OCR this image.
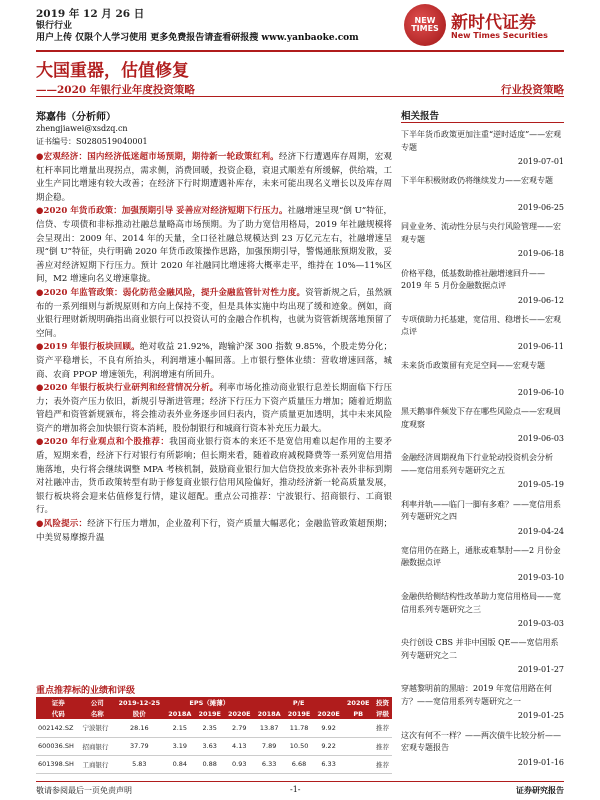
2019 年 12 月 26 日
银行行业
用户上传 仅限个人学习使用 更多免费报告请查看研报搜 www.yanbaoke.com
NEW TIMES 新时代证券
New Times Securities
大国重器，估值修复
——2020 年银行业年度投资策略	行业投资策略
郑嘉伟（分析师）
zhengjiawei@xsdzq.cn
证书编号：S0280519040001

●宏观经济：国内经济低迷超市场预期，期待新一轮政策红利。经济下行遭遇库存周期，宏观杠杆率同比增量出现拐点，需求侧，消费回暖，投资企稳，衰退式顺差有所缓解，供给端，工业生产同比增速有较大改善；在经济下行时期遭遇补库存，未来可能出现名义增长以及库存周期企稳。

●2020 年货币政策：加强预期引导 妥善应对经济短期下行压力。社融增速呈现“倒 U”特征，信贷、专项债和非标推动社融总量略高市场预期。为了助力宽信用格局，2019 年社融规模将会呈现出：2009 年、2014 年的天量，全口径社融总规模达到 23 万亿元左右，社融增速呈现“倒 U”特征，央行明确 2020 年货币政策操作思路，加强预期引导，警惕通胀预期发散，妥善应对经济短期下行压力。预计 2020 年社融同比增速将大概率走平，维持在 10%—11%区间，M2 增速向名义增速靠拢。

●2020 年监管政策：弱化防范金融风险，提升金融监管针对性力度。资管新规之后，虽然颁布的一系列细则与新规原则和方向上保持不变，但是具体实施中均出现了缓和迹象。例如，商业银行理财新规明确指出商业银行可以投资认可的金融合作机构，也就为资管新规落地预留了空间。

●2019 年银行板块回顾。绝对收益 21.92%，跑输沪深 300 指数 9.85%，个股走势分化；资产平稳增长，不良有所抬头，利润增速小幅回落。上市银行整体业绩：营收增速回落，城商、农商 PPOP 增速领先，利润增速有所回升。

●2020 年银行板块行业研判和经营情况分析。利率市场化推动商业银行息差长期面临下行压力；表外资产压力依旧，新规引导渐进管理；经济下行压力下资产质量压力增加；随着近期监管趋严和资管新规颁布，将会推动表外业务逐步回归表内，资产质量更加透明，其中未来风险资产的增加将会加快银行资本消耗，股份制银行和城商行资本补充压力最大。

●2020 年行业观点和个股推荐：我国商业银行资本的来还不是宽信用难以起作用的主要矛盾，短期来看，经济下行对银行有所影响；但长期来看，随着政府减税降费等一系列宽信用措施落地，央行将会继续调整 MPA 考核机制，鼓励商业银行加大信贷投放来弥补表外非标到期对社融冲击，货币政策转型有助于修复商业银行信用风险偏好，推动经济新一轮高质量发展，银行板块将会迎来估值修复行情，建议超配。重点公司推荐：宁波银行、招商银行、工商银行。

●风险提示：经济下行压力增加，企业盈利下行，资产质量大幅恶化；金融监管政策超预期；中美贸易摩擦升温

重点推荐标的业绩和评级
证券	公司	2019-12-25	EPS（摊薄）			P/E			2020E	投资
代码	名称	股价	2018A	2019E	2020E	2018A	2019E	2020E	PB	评级
002142.SZ	宁波银行	28.16	2.15	2.35	2.79	13.87	11.78	9.92		推荐
600036.SH	招商银行	37.79	3.19	3.63	4.13	7.89	10.50	9.22		推荐
601398.SH	工商银行	5.83	0.84	0.88	0.93	6.33	6.68	6.33		推荐
相关报告
下半年货币政策更加注重“逆时适度”——宏观专题
2019-07-01
下半年积极财政仍将继续发力——宏观专题
2019-06-25
同业业务、流动性分层与央行风险管理——宏观专题
2019-06-18
价格平稳，低基数助推社融增速回升——2019 年 5 月份金融数据点评
2019-06-12
专项债助力托基建，宽信用、稳增长——宏观点评
2019-06-11
未来货币政策留有充足空间——宏观专题
2019-06-10
黑天鹅事件频发下存在哪些风险点——宏观周度观察
2019-06-03
金融经济周期视角下行业轮动投资机会分析——宽信用系列专题研究之五
2019-05-19
利率并轨——临门一脚有多难？——宽信用系列专题研究之四
2019-04-24
宽信用仍在路上，通胀或难掣肘——2 月份金融数据点评
2019-03-10
金融供给侧结构性改革助力宽信用格局——宽信用系列专题研究之三
2019-03-03
央行创设 CBS 并非中国版 QE——宽信用系列专题研究之二
2019-01-27
穿越黎明前的黑暗：2019 年宽信用路在何方？——宽信用系列专题研究之一
2019-01-25
这次有何不一样？——两次债牛比较分析——宏观专题报告
2019-01-16
敬请参阅最后一页免责声明	-1-	证券研究报告
